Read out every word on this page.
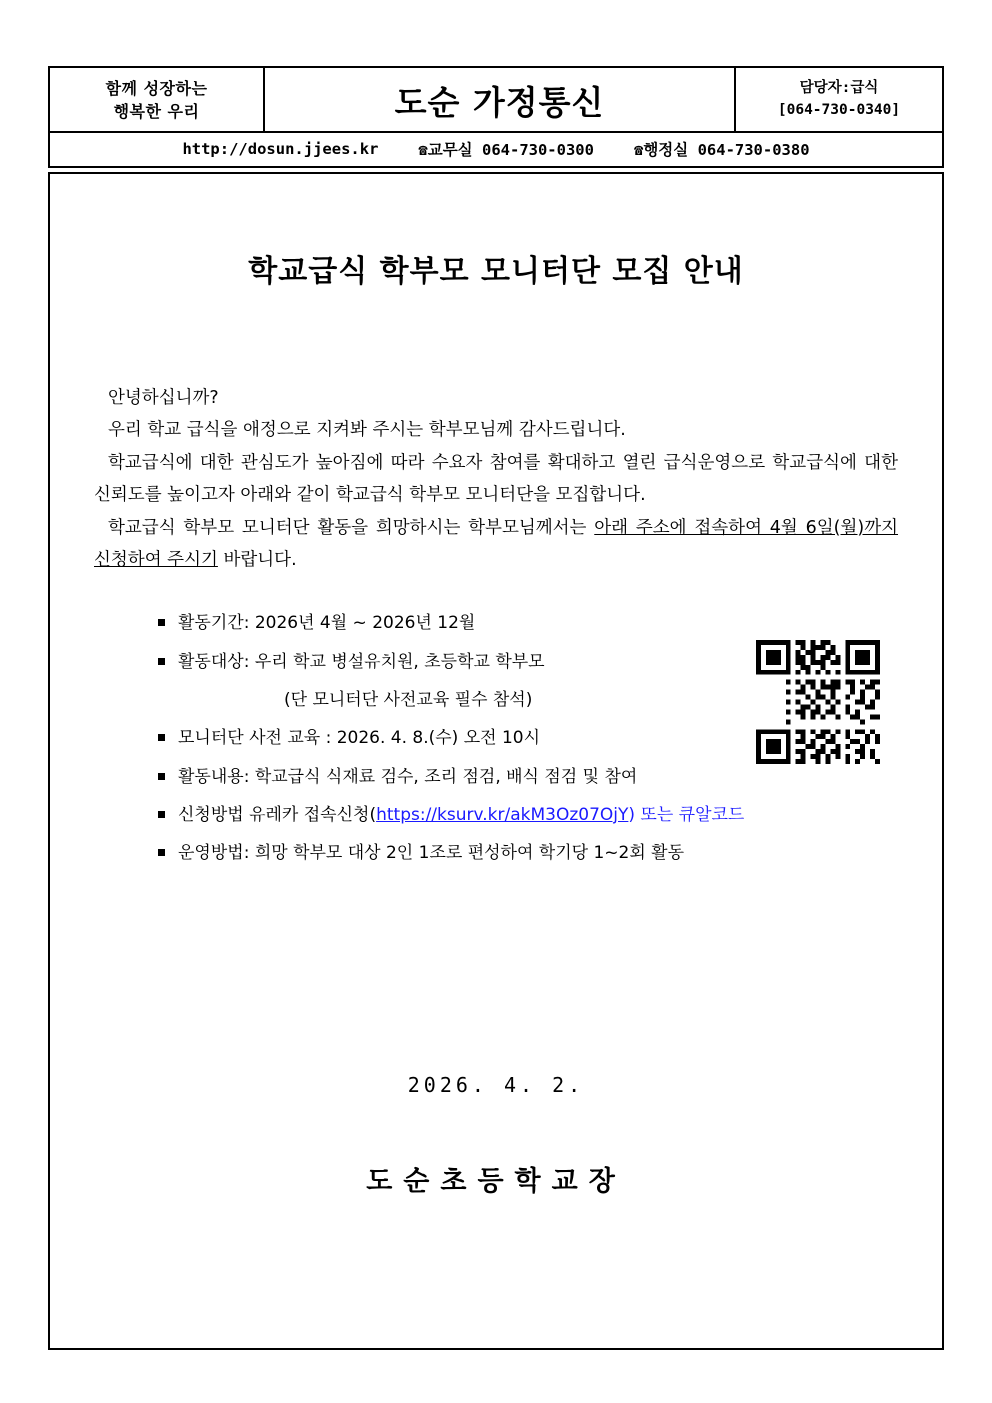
함께 성장하는
행복한 우리	도순 가정통신	담당자:급식
[064-730-0340]
http://dosun.jjees.kr	☎교무실 064-730-0300	☎행정실 064-730-0380
학교급식 학부모 모니터단 모집 안내
안녕하십니까?
우리 학교 급식을 애정으로 지켜봐 주시는 학부모님께 감사드립니다.
학교급식에 대한 관심도가 높아짐에 따라 수요자 참여를 확대하고 열린 급식운영으로 학교급식에 대한 신뢰도를 높이고자 아래와 같이 학교급식 학부모 모니터단을 모집합니다.
학교급식 학부모 모니터단 활동을 희망하시는 학부모님께서는 아래 주소에 접속하여 4월 6일(월)까지 신청하여 주시기 바랍니다.
활동기간: 2026년 4월 ~ 2026년 12월
활동대상: 우리 학교 병설유치원, 초등학교 학부모
(단 모니터단 사전교육 필수 참석)
모니터단 사전 교육 : 2026. 4. 8.(수) 오전 10시
활동내용: 학교급식 식재료 검수, 조리 점검, 배식 점검 및 참여
신청방법 유레카 접속신청(https://ksurv.kr/akM3Oz07OjY) 또는 큐알코드
운영방법: 희망 학부모 대상 2인 1조로 편성하여 학기당 1~2회 활동
2026. 4. 2.
도순초등학교장
